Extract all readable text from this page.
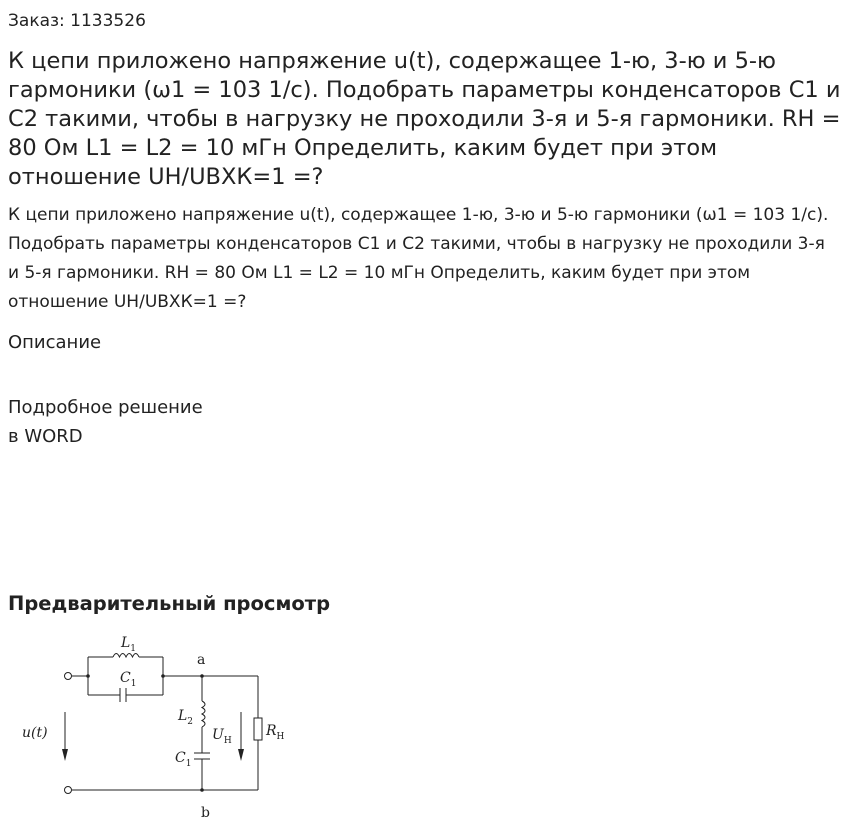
Заказ: 1133526
К цепи приложено напряжение u(t), содержащее 1-ю, 3-ю и 5-ю гармоники (ω1 = 103 1/с). Подобрать параметры конденсаторов С1 и С2 такими, чтобы в нагрузку не проходили 3-я и 5-я гармоники. RН = 80 Ом L1 = L2 = 10 мГн Определить, каким будет при этом отношение UН/UВХК=1 =?

К цепи приложено напряжение u(t), содержащее 1-ю, 3-ю и 5-ю гармоники (ω1 = 103 1/с). Подобрать параметры конденсаторов С1 и С2 такими, чтобы в нагрузку не проходили 3-я и 5-я гармоники. RН = 80 Ом L1 = L2 = 10 мГн Определить, каким будет при этом отношение UН/UВХК=1 =?

Описание
Подробное решение
в WORD
Предварительный просмотр
$L_1$
$C_1$
a
$L_2$
$U_Н$
$R_Н$
u(t)
$C_1$
b
